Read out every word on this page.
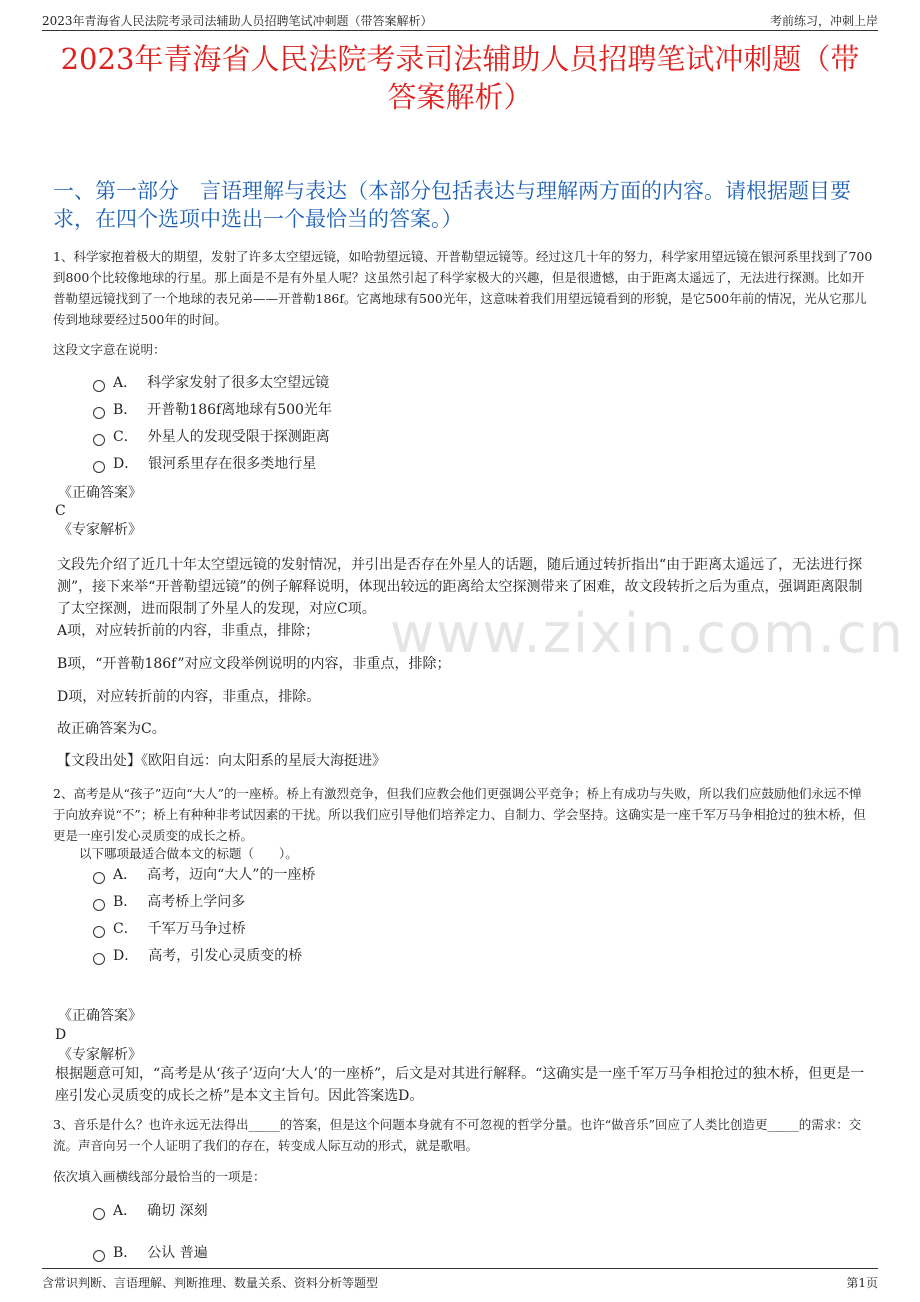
2023年青海省人民法院考录司法辅助人员招聘笔试冲刺题（带答案解析）	考前练习，冲刺上岸
2023年青海省人民法院考录司法辅助人员招聘笔试冲刺题（带答案解析）
一、第一部分　言语理解与表达（本部分包括表达与理解两方面的内容。请根据题目要求，在四个选项中选出一个最恰当的答案。）
www.zixin.com.cn
1、科学家抱着极大的期望，发射了许多太空望远镜，如哈勃望远镜、开普勒望远镜等。经过这几十年的努力，科学家用望远镜在银河系里找到了700到800个比较像地球的行星。那上面是不是有外星人呢？这虽然引起了科学家极大的兴趣，但是很遗憾，由于距离太遥远了，无法进行探测。比如开普勒望远镜找到了一个地球的表兄弟——开普勒186f。它离地球有500光年，这意味着我们用望远镜看到的形貌，是它500年前的情况，光从它那儿传到地球要经过500年的时间。
这段文字意在说明：
A． 科学家发射了很多太空望远镜
B． 开普勒186f离地球有500光年
C． 外星人的发现受限于探测距离
D． 银河系里存在很多类地行星
《正确答案》
C
《专家解析》
文段先介绍了近几十年太空望远镜的发射情况，并引出是否存在外星人的话题，随后通过转折指出“由于距离太遥远了，无法进行探测”，接下来举“开普勒望远镜”的例子解释说明，体现出较远的距离给太空探测带来了困难，故文段转折之后为重点，强调距离限制了太空探测，进而限制了外星人的发现，对应C项。
A项，对应转折前的内容，非重点，排除；
B项，“开普勒186f”对应文段举例说明的内容，非重点，排除；
D项，对应转折前的内容，非重点，排除。
故正确答案为C。
【文段出处】《欧阳自远：向太阳系的星辰大海挺进》
2、高考是从“孩子”迈向“大人”的一座桥。桥上有激烈竞争，但我们应教会他们更强调公平竞争；桥上有成功与失败，所以我们应鼓励他们永远不惮于向放弃说“不”；桥上有种种非考试因素的干扰。所以我们应引导他们培养定力、自制力、学会坚持。这确实是一座千军万马争相抢过的独木桥，但更是一座引发心灵质变的成长之桥。
以下哪项最适合做本文的标题（　　）。
A． 高考，迈向“大人”的一座桥
B． 高考桥上学问多
C． 千军万马争过桥
D． 高考，引发心灵质变的桥
《正确答案》
D
《专家解析》
根据题意可知，“高考是从‘孩子’迈向‘大人’的一座桥”，后文是对其进行解释。“这确实是一座千军万马争相抢过的独木桥，但更是一座引发心灵质变的成长之桥”是本文主旨句。因此答案选D。
3、音乐是什么？也许永远无法得出_____的答案，但是这个问题本身就有不可忽视的哲学分量。也许“做音乐”回应了人类比创造更_____的需求：交流。声音向另一个人证明了我们的存在，转变成人际互动的形式，就是歌唱。
依次填入画横线部分最恰当的一项是：
A． 确切 深刻
B． 公认 普遍
含常识判断、言语理解、判断推理、数量关系、资料分析等题型	第1页
